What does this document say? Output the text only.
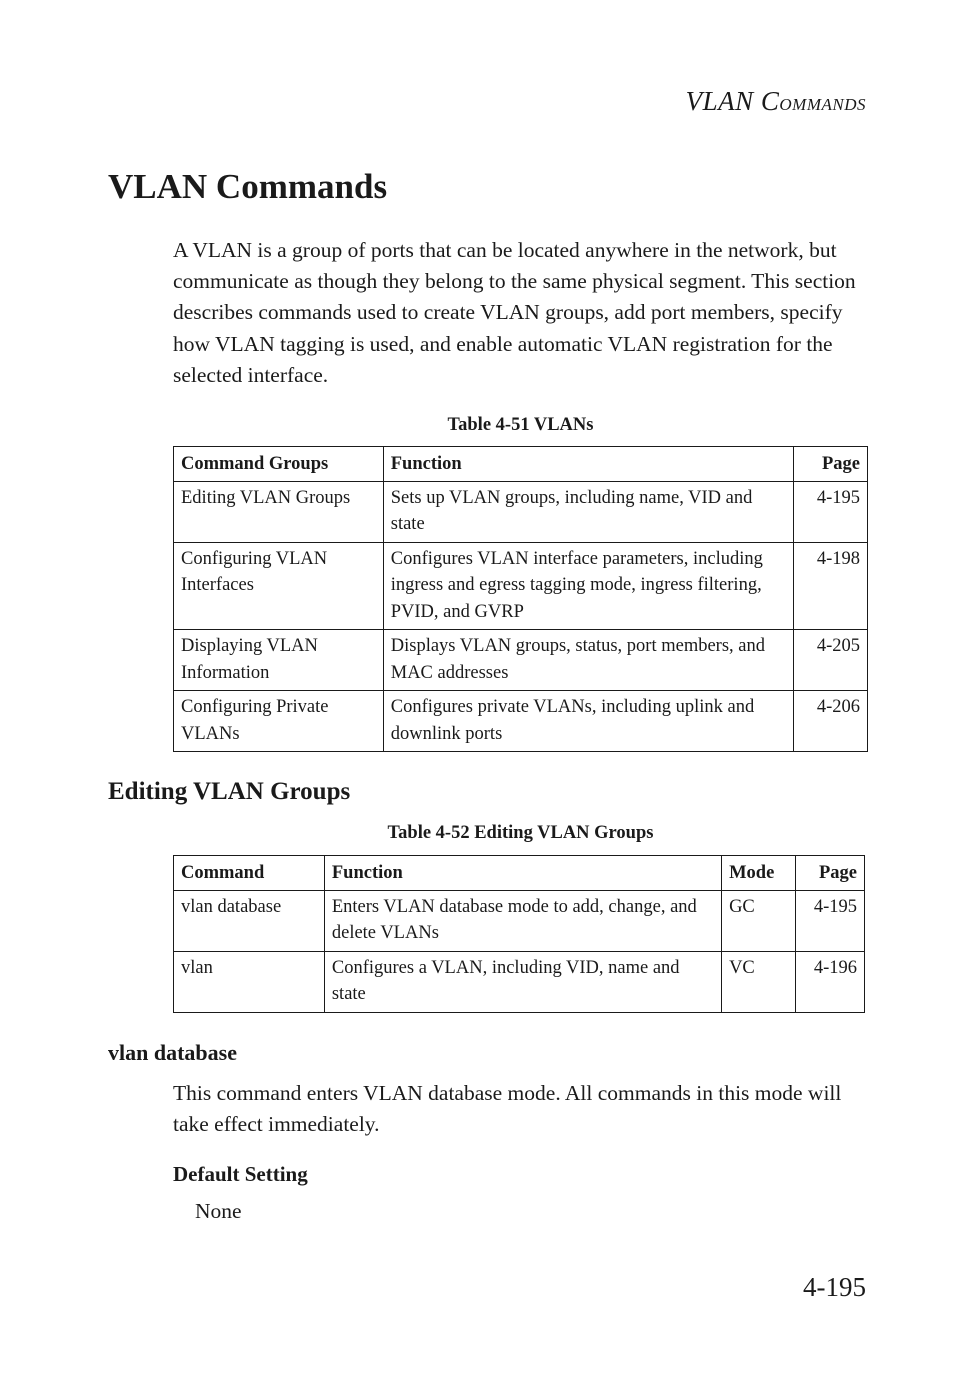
VLAN COMMANDS
VLAN Commands

A VLAN is a group of ports that can be located anywhere in the network, but communicate as though they belong to the same physical segment. This section describes commands used to create VLAN groups, add port members, specify how VLAN tagging is used, and enable automatic VLAN registration for the selected interface.

Table 4-51 VLANs
Command Groups	Function	Page
Editing VLAN Groups	Sets up VLAN groups, including name, VID and state	4-195
Configuring VLAN Interfaces	Configures VLAN interface parameters, including ingress and egress tagging mode, ingress filtering, PVID, and GVRP	4-198
Displaying VLAN Information	Displays VLAN groups, status, port members, and MAC addresses	4-205
Configuring Private VLANs	Configures private VLANs, including uplink and downlink ports	4-206
Editing VLAN Groups
Table 4-52 Editing VLAN Groups
Command	Function	Mode	Page
vlan database	Enters VLAN database mode to add, change, and delete VLANs	GC	4-195
vlan	Configures a VLAN, including VID, name and state	VC	4-196
vlan database

This command enters VLAN database mode. All commands in this mode will take effect immediately.

Default Setting
None
4-195
